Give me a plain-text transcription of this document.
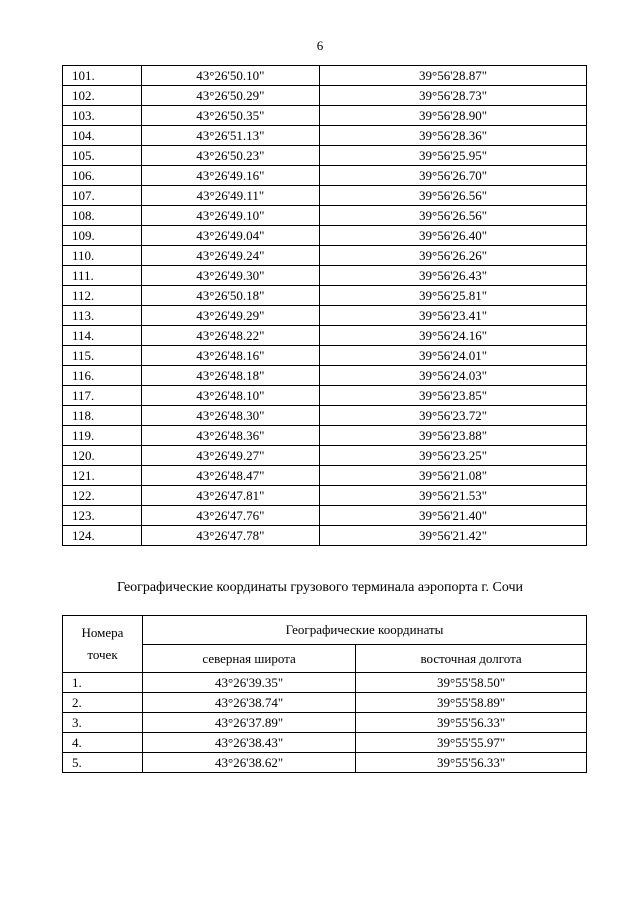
6
101.	43°26'50.10"	39°56'28.87"
102.	43°26'50.29"	39°56'28.73"
103.	43°26'50.35"	39°56'28.90"
104.	43°26'51.13"	39°56'28.36"
105.	43°26'50.23"	39°56'25.95"
106.	43°26'49.16"	39°56'26.70"
107.	43°26'49.11"	39°56'26.56"
108.	43°26'49.10"	39°56'26.56"
109.	43°26'49.04"	39°56'26.40"
110.	43°26'49.24"	39°56'26.26"
111.	43°26'49.30"	39°56'26.43"
112.	43°26'50.18"	39°56'25.81"
113.	43°26'49.29"	39°56'23.41"
114.	43°26'48.22"	39°56'24.16"
115.	43°26'48.16"	39°56'24.01"
116.	43°26'48.18"	39°56'24.03"
117.	43°26'48.10"	39°56'23.85"
118.	43°26'48.30"	39°56'23.72"
119.	43°26'48.36"	39°56'23.88"
120.	43°26'49.27"	39°56'23.25"
121.	43°26'48.47"	39°56'21.08"
122.	43°26'47.81"	39°56'21.53"
123.	43°26'47.76"	39°56'21.40"
124.	43°26'47.78"	39°56'21.42"
Географические координаты грузового терминала аэропорта г. Сочи
Номера
точек	Географические координаты	
	северная широта	восточная долгота
1.	43°26'39.35"	39°55'58.50"
2.	43°26'38.74"	39°55'58.89"
3.	43°26'37.89"	39°55'56.33"
4.	43°26'38.43"	39°55'55.97"
5.	43°26'38.62"	39°55'56.33"
